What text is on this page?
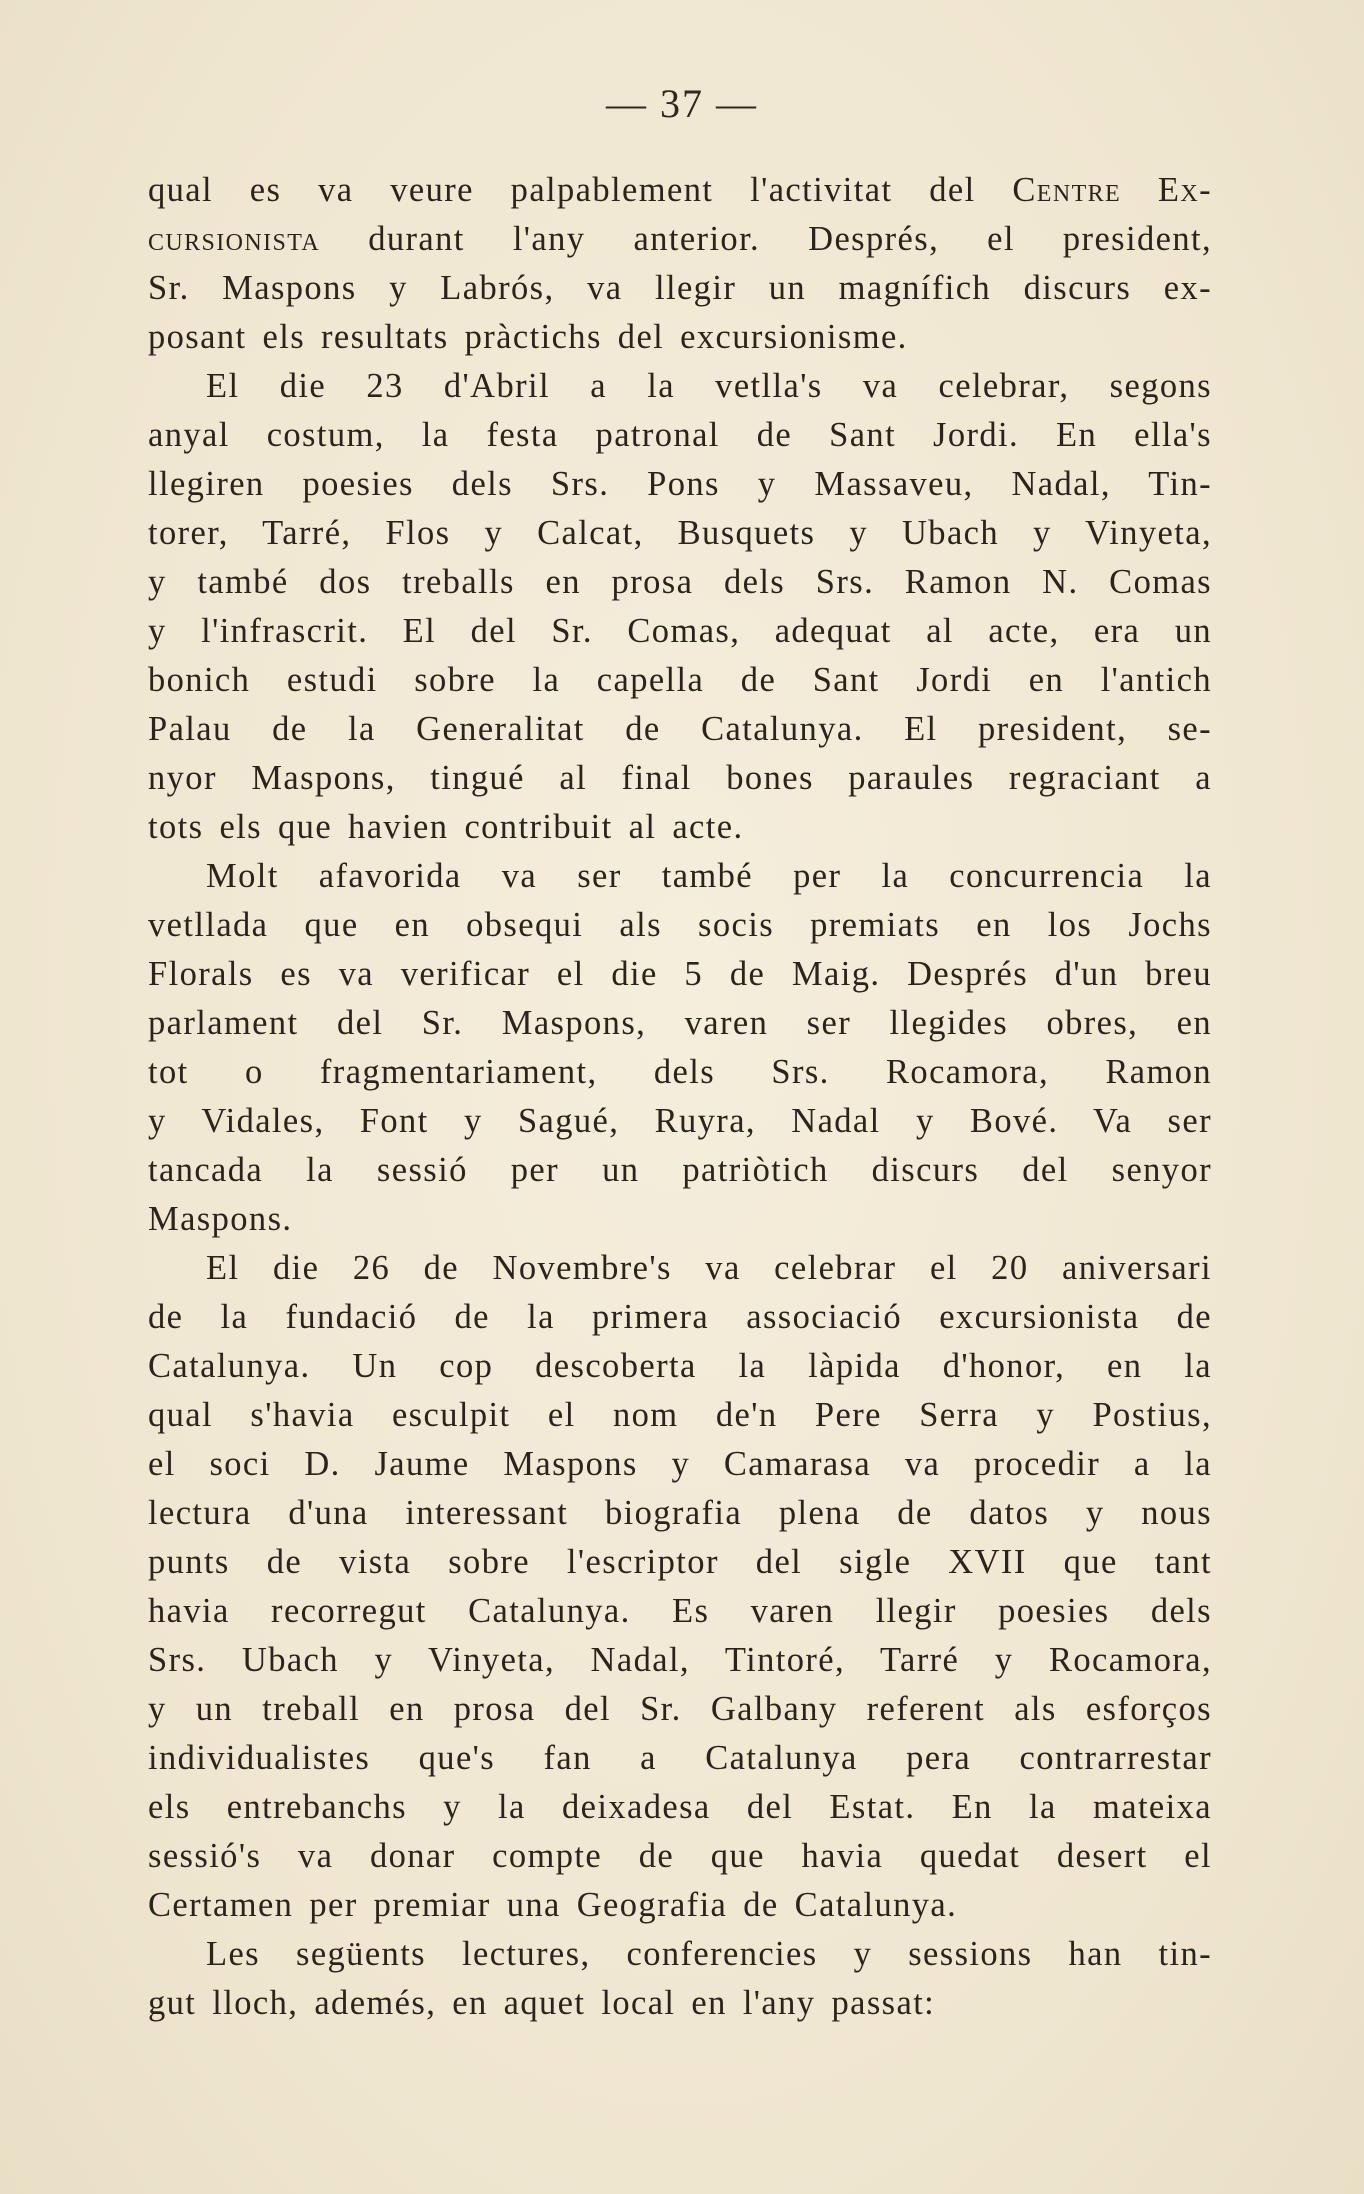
— 37 —
qual es va veure palpablement l'activitat del Centre Ex-
cursionista durant l'any anterior. Després, el president,
Sr. Maspons y Labrós, va llegir un magnífich discurs ex-
posant els resultats pràctichs del excursionisme.
El die 23 d'Abril a la vetlla's va celebrar, segons
anyal costum, la festa patronal de Sant Jordi. En ella's
llegiren poesies dels Srs. Pons y Massaveu, Nadal, Tin-
torer, Tarré, Flos y Calcat, Busquets y Ubach y Vinyeta,
y també dos treballs en prosa dels Srs. Ramon N. Comas
y l'infrascrit. El del Sr. Comas, adequat al acte, era un
bonich estudi sobre la capella de Sant Jordi en l'antich
Palau de la Generalitat de Catalunya. El president, se-
nyor Maspons, tingué al final bones paraules regraciant a
tots els que havien contribuit al acte.
Molt afavorida va ser també per la concurrencia la
vetllada que en obsequi als socis premiats en los Jochs
Florals es va verificar el die 5 de Maig. Després d'un breu
parlament del Sr. Maspons, varen ser llegides obres, en
tot o fragmentariament, dels Srs. Rocamora, Ramon
y Vidales, Font y Sagué, Ruyra, Nadal y Bové. Va ser
tancada la sessió per un patriòtich discurs del senyor
Maspons.
El die 26 de Novembre's va celebrar el 20 aniversari
de la fundació de la primera associació excursionista de
Catalunya. Un cop descoberta la làpida d'honor, en la
qual s'havia esculpit el nom de'n Pere Serra y Postius,
el soci D. Jaume Maspons y Camarasa va procedir a la
lectura d'una interessant biografia plena de datos y nous
punts de vista sobre l'escriptor del sigle XVII que tant
havia recorregut Catalunya. Es varen llegir poesies dels
Srs. Ubach y Vinyeta, Nadal, Tintoré, Tarré y Rocamora,
y un treball en prosa del Sr. Galbany referent als esforços
individualistes que's fan a Catalunya pera contrarrestar
els entrebanchs y la deixadesa del Estat. En la mateixa
sessió's va donar compte de que havia quedat desert el
Certamen per premiar una Geografia de Catalunya.
Les següents lectures, conferencies y sessions han tin-
gut lloch, ademés, en aquet local en l'any passat:
